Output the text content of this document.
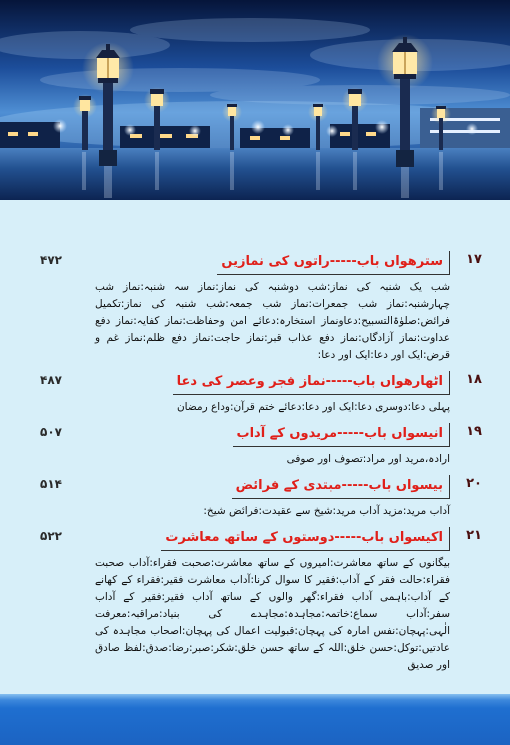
۱۷
۴۷۲	سترھواں باب-----راتوں کی نمازیں
شب یک شنبہ کی نماز:شب دوشنبہ کی نماز:نماز سہ شنبہ:نماز شب چہارشنبہ:نماز شب جمعرات:نماز شب جمعہ:شب شنبہ کی نماز:تکمیل فرائض:صلوٰۃالتسبیح:دعاونماز استخارہ:دعائے امن وحفاظت:نماز کفایہ:نماز دفع عداوت:نماز آزادگاں:نماز دفع عذاب قبر:نماز حاجت:نماز دفع ظلم:نماز غم و قرض:ایک اور دعا:ایک اور دعا:
۱۸
۴۸۷	اٹھارھواں باب-----نماز فجر وعصر کی دعا
پہلی دعا:دوسری دعا:ایک اور دعا:دعائے ختم قرآن:وداع رمضان
۱۹
۵۰۷	انیسواں باب-----مریدوں کے آداب
ارادہ،مرید اور مراد:تصوف اور صوفی
۲۰
۵۱۴	بیسواں باب-----مبتدی کے فرائض
آداب مرید:مزید آداب مرید:شیخ سے عقیدت:فرائض شیخ:
۲۱
۵۲۲	اکیسواں باب-----دوستوں کے ساتھ معاشرت
بیگانوں کے ساتھ معاشرت:امیروں کے ساتھ معاشرت:صحبت فقراء:آداب صحبت فقراء:حالت فقر کے آداب:فقیر کا سوال کرنا:آداب معاشرت فقیر:فقراء کے کھانے کے آداب:باہمی آداب فقراء:گھر والوں کے ساتھ آداب فقیر:فقیر کے آداب سفر:آداب سماع:خاتمہ:مجاہدہ:مجاہدے کی بنیاد:مراقبہ:معرفت الٰہی:پہچان:نفس امارہ کی پہچان:قبولیت اعمال کی پہچان:اصحاب مجاہدہ کی عادتیں:توکل:حسن خلق:اللہ کے ساتھ حسن خلق:شکر:صبر:رضا:صدق:لفظ صادق اور صدیق
